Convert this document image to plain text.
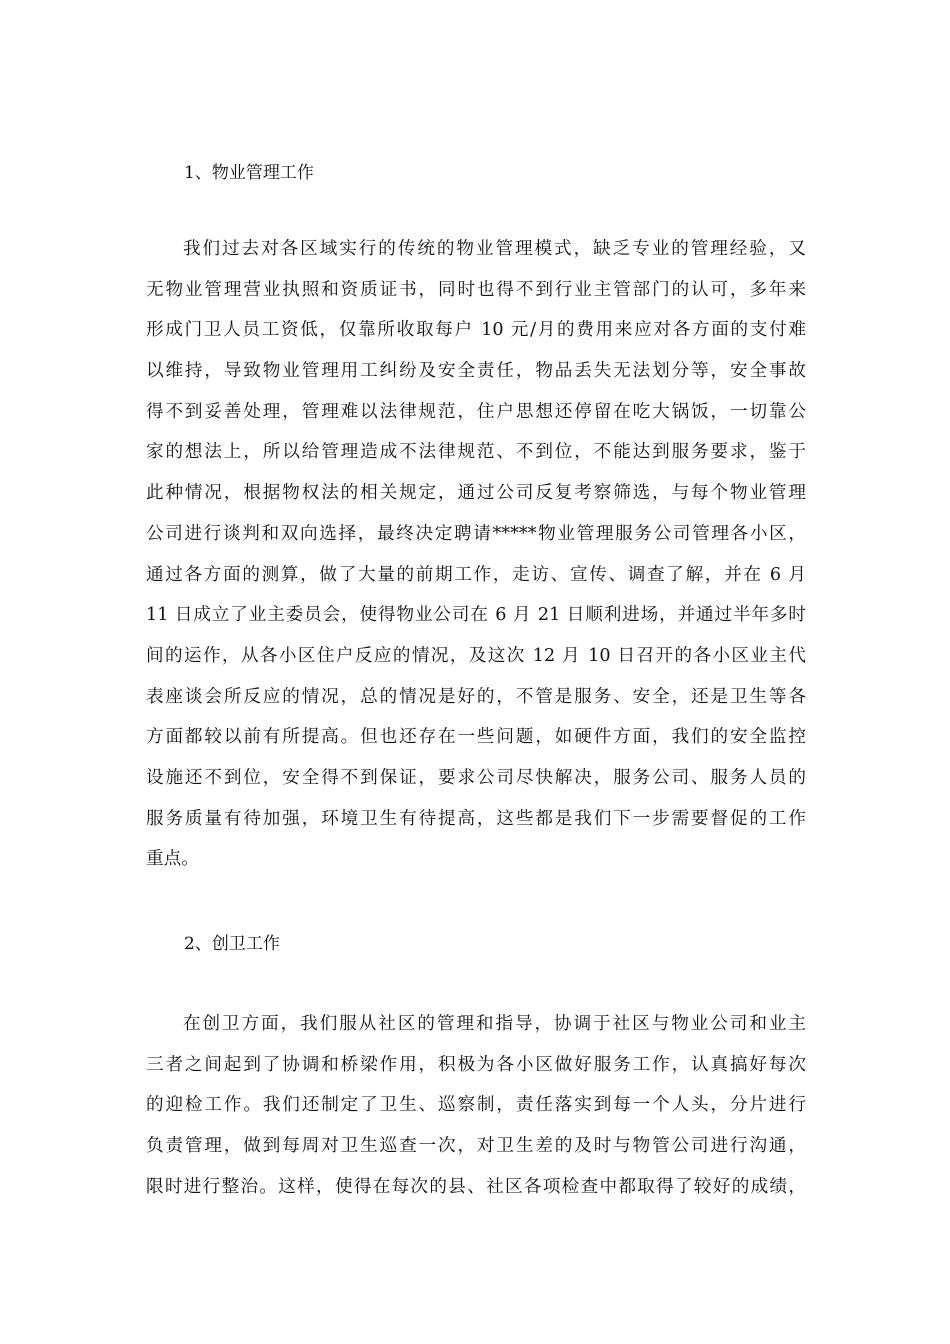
1、物业管理工作
我们过去对各区域实行的传统的物业管理模式，缺乏专业的管理经验，又
无物业管理营业执照和资质证书，同时也得不到行业主管部门的认可，多年来
形成门卫人员工资低，仅靠所收取每户 10 元/月的费用来应对各方面的支付难
以维持，导致物业管理用工纠纷及安全责任，物品丢失无法划分等，安全事故
得不到妥善处理，管理难以法律规范，住户思想还停留在吃大锅饭，一切靠公
家的想法上，所以给管理造成不法律规范、不到位，不能达到服务要求，鉴于
此种情况，根据物权法的相关规定，通过公司反复考察筛选，与每个物业管理
公司进行谈判和双向选择，最终决定聘请*****物业管理服务公司管理各小区，
通过各方面的测算，做了大量的前期工作，走访、宣传、调查了解，并在 6 月
11 日成立了业主委员会，使得物业公司在 6 月 21 日顺利进场，并通过半年多时
间的运作，从各小区住户反应的情况，及这次 12 月 10 日召开的各小区业主代
表座谈会所反应的情况，总的情况是好的，不管是服务、安全，还是卫生等各
方面都较以前有所提高。但也还存在一些问题，如硬件方面，我们的安全监控
设施还不到位，安全得不到保证，要求公司尽快解决，服务公司、服务人员的
服务质量有待加强，环境卫生有待提高，这些都是我们下一步需要督促的工作
重点。
2、创卫工作
在创卫方面，我们服从社区的管理和指导，协调于社区与物业公司和业主
三者之间起到了协调和桥梁作用，积极为各小区做好服务工作，认真搞好每次
的迎检工作。我们还制定了卫生、巡察制，责任落实到每一个人头，分片进行
负责管理，做到每周对卫生巡查一次，对卫生差的及时与物管公司进行沟通，
限时进行整治。这样，使得在每次的县、社区各项检查中都取得了较好的成绩，
